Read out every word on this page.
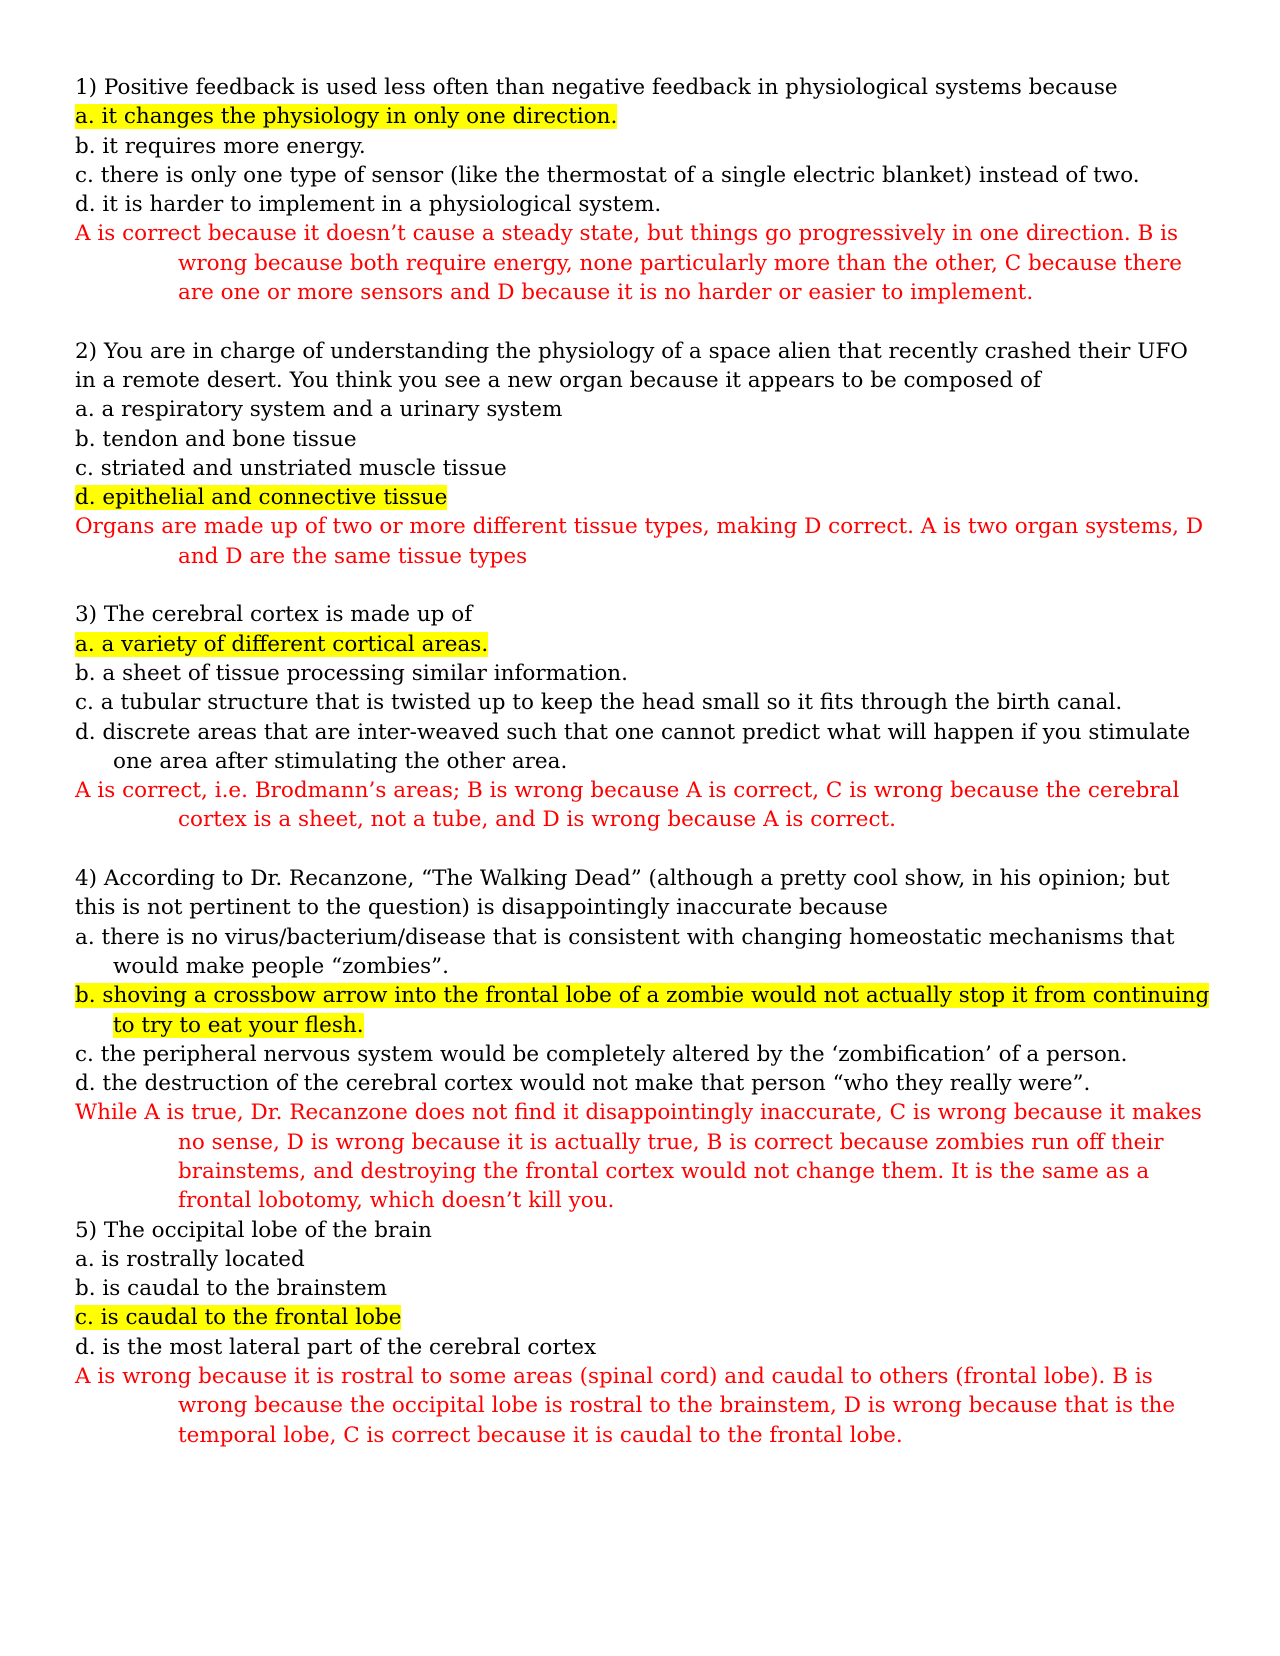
1) Positive feedback is used less often than negative feedback in physiological systems because
a. it changes the physiology in only one direction.
b. it requires more energy.
c. there is only one type of sensor (like the thermostat of a single electric blanket) instead of two.
d. it is harder to implement in a physiological system.
A is correct because it doesn’t cause a steady state, but things go progressively in one direction. B is wrong because both require energy, none particularly more than the other, C because there are one or more sensors and D because it is no harder or easier to implement.
2) You are in charge of understanding the physiology of a space alien that recently crashed their UFO in a remote desert. You think you see a new organ because it appears to be composed of
a. a respiratory system and a urinary system
b. tendon and bone tissue
c. striated and unstriated muscle tissue
d. epithelial and connective tissue
Organs are made up of two or more different tissue types, making D correct. A is two organ systems, D and D are the same tissue types
3) The cerebral cortex is made up of
a. a variety of different cortical areas.
b. a sheet of tissue processing similar information.
c. a tubular structure that is twisted up to keep the head small so it fits through the birth canal.
d. discrete areas that are inter-weaved such that one cannot predict what will happen if you stimulate one area after stimulating the other area.
A is correct, i.e. Brodmann’s areas; B is wrong because A is correct, C is wrong because the cerebral cortex is a sheet, not a tube, and D is wrong because A is correct.
4) According to Dr. Recanzone, “The Walking Dead” (although a pretty cool show, in his opinion; but this is not pertinent to the question) is disappointingly inaccurate because
a. there is no virus/bacterium/disease that is consistent with changing homeostatic mechanisms that would make people “zombies”.
b. shoving a crossbow arrow into the frontal lobe of a zombie would not actually stop it from continuing to try to eat your flesh.
c. the peripheral nervous system would be completely altered by the ‘zombification’ of a person.
d. the destruction of the cerebral cortex would not make that person “who they really were”.
While A is true, Dr. Recanzone does not find it disappointingly inaccurate, C is wrong because it makes no sense, D is wrong because it is actually true, B is correct because zombies run off their brainstems, and destroying the frontal cortex would not change them. It is the same as a frontal lobotomy, which doesn’t kill you.
5) The occipital lobe of the brain
a. is rostrally located
b. is caudal to the brainstem
c. is caudal to the frontal lobe
d. is the most lateral part of the cerebral cortex
A is wrong because it is rostral to some areas (spinal cord) and caudal to others (frontal lobe). B is wrong because the occipital lobe is rostral to the brainstem, D is wrong because that is the temporal lobe, C is correct because it is caudal to the frontal lobe.
